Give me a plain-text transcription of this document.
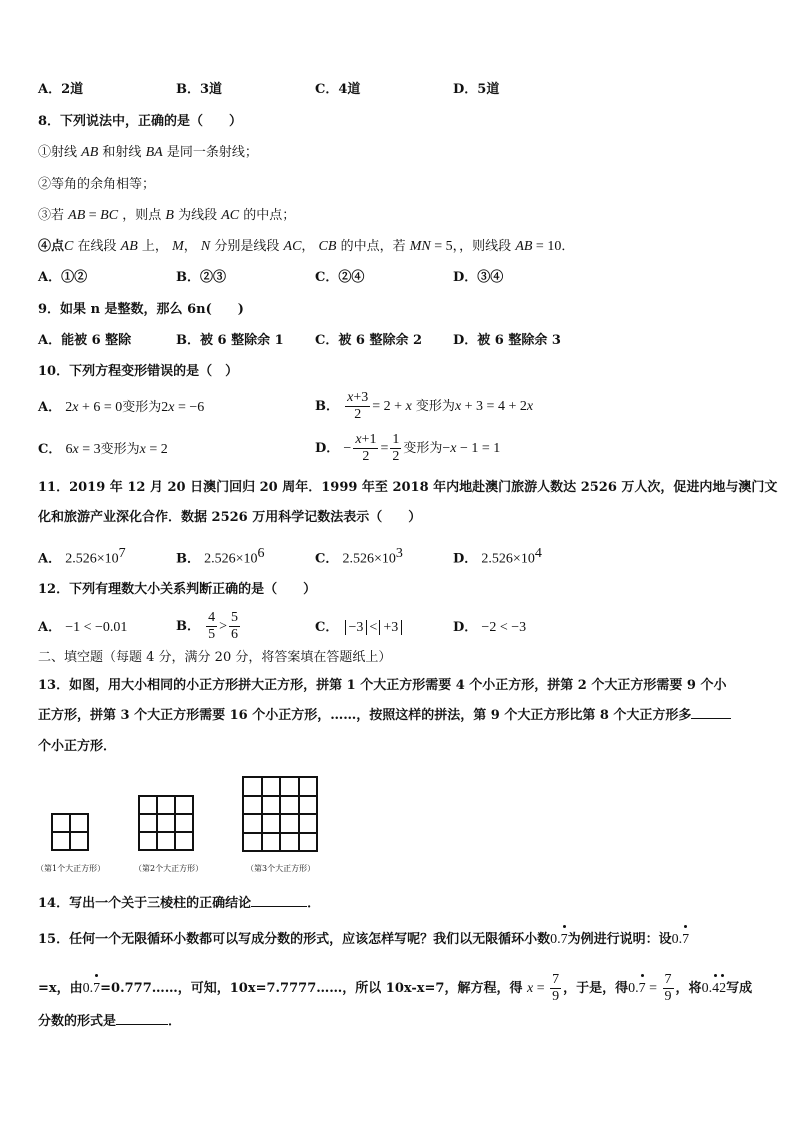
A．2道	B．3道	C．4道	D．5道
8．下列说法中，正确的是（　　）
①射线 AB 和射线 BA 是同一条射线；
②等角的余角相等；
③若 AB = BC ，则点 B 为线段 AC 的中点；
④点C 在线段 AB 上， M， N 分别是线段 AC， CB 的中点，若 MN = 5，，则线段 AB = 10．
A．①②	B．②③	C．②④	D．③④
9．如果 n 是整数，那么 6n(　　)
A．能被 6 整除	B．被 6 整除余 1 C．被 6 整除余 2 D．被 6 整除余 3
10．下列方程变形错误的是（　）
A． 2x + 6 = 0变形为2x = −6	B． $\frac{x+3}{2} = 2 + x$ 变形为x + 3 = 4 + 2x
C． 6x = 3变形为x = 2	D． − $\frac{x+1}{2} = \frac{1}{2}$ 变形为−x − 1 = 1
11．2019 年 12 月 20 日澳门回归 20 周年．1999 年至 2018 年内地赴澳门旅游人数达 2526 万人次，促进内地与澳门文
化和旅游产业深化合作．数据 2526 万用科学记数法表示（　　）
A． $2.526\times 10^7$	B． $2.526\times 10^6$	C． $2.526\times 10^3$	D． $2.526\times 10^4$
12．下列有理数大小关系判断正确的是（　　）
A． −1 < −0.01	B． $\frac{4}{5} > \frac{5}{6}$	C． −3 < +3	D． −2 < −3
二、填空题（每题 4 分，满分 20 分，将答案填在答题纸上）
13．如图，用大小相同的小正方形拼大正方形，拼第 1 个大正方形需要 4 个小正方形，拼第 2 个大正方形需要 9 个小
正方形，拼第 3 个大正方形需要 16 个小正方形，……，按照这样的拼法，第 9 个大正方形比第 8 个大正方形多
个小正方形．
（第1个大正方形）	（第2个大正方形）	（第3个大正方形）
14．写出一个关于三棱柱的正确结论	．
15．任何一个无限循环小数都可以写成分数的形式，应该怎样写呢？我们以无限循环小数0.7
为例进行说明：设0.7
=x，由0.7
=0.777……，可知，10x=7.7777……，所以 10x-x=7，解方程，得 $x = \frac{7}{9}$ ，于是，得0.7
= $\frac{7}{9}$ ，将0.4
2
写成
分数的形式是	．
